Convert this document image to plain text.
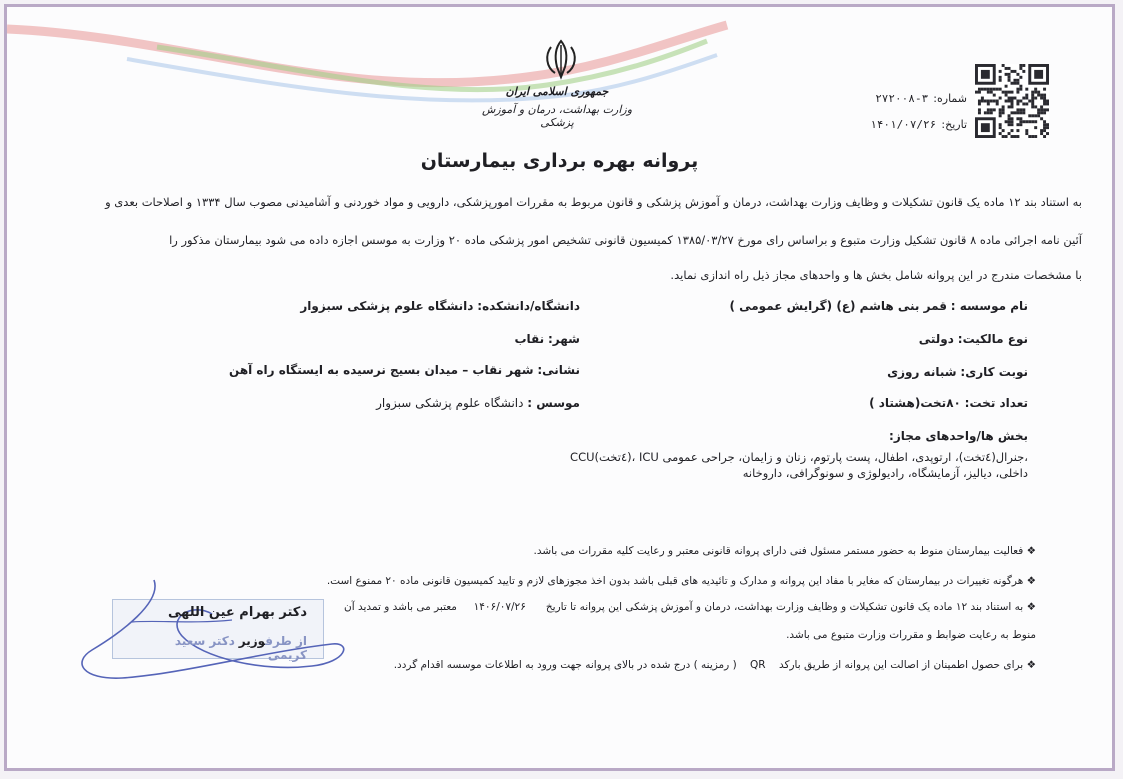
جمهوری اسلامی ایران
وزارت بهداشت، درمان و آموزش پزشکی
شماره: ۳-۲۷۲۰۰۸
تاریخ: ۱۴۰۱/۰۷/۲۶
پروانه بهره برداری بیمارستان
به استناد بند ۱۲ ماده یک قانون تشکیلات و وظایف وزارت بهداشت، درمان و آموزش پزشکی و قانون مربوط به مقررات امورپزشکی، دارویی و مواد خوردنی و آشامیدنی مصوب سال ۱۳۳۴ و اصلاحات بعدی و
آئین نامه اجرائی ماده ۸ قانون تشکیل وزارت متبوع و براساس رای مورخ ۱۳۸۵/۰۳/۲۷ کمیسیون قانونی تشخیص امور پزشکی ماده ۲۰ وزارت به موسس اجازه داده می شود بیمارستان مذکور را
با مشخصات مندرج در این پروانه شامل بخش ها و واحدهای مجاز ذیل راه اندازی نماید.
نام موسسه : قمر بنی هاشم (ع) (گرایش عمومی )
نوع مالکیت: دولتی
نوبت کاری: شبانه روزی
تعداد تخت: ۸۰تخت(هشتاد )
دانشگاه/دانشکده: دانشگاه علوم پزشکی سبزوار
شهر: نقاب
نشانی: شهر نقاب – میدان بسیج نرسیده به ایستگاه راه آهن
موسس : دانشگاه علوم پزشکی سبزوار
بخش ها/واحدهای مجاز:
CCU(٤تخت)، ICU جنرال(٤تخت)، ارتوپدی، اطفال، پست پارتوم، زنان و زایمان، جراحی عمومی،
داخلی، دیالیز، آزمایشگاه، رادیولوژی و سونوگرافی، داروخانه
❖ فعالیت بیمارستان منوط به حضور مستمر مسئول فنی دارای پروانه قانونی معتبر و رعایت کلیه مقررات می باشد.
❖ هرگونه تغییرات در بیمارستان که مغایر با مفاد این پروانه و مدارک و تائیدیه های قبلی باشد بدون اخذ مجوزهای لازم و تایید کمیسیون قانونی ماده ۲۰ ممنوع است.
❖ به استناد بند ۱۲ ماده یک قانون تشکیلات و وظایف وزارت بهداشت، درمان و آموزش پزشکی این پروانه تا تاریخ      ۱۴۰۶/۰۷/۲۶     معتبر می باشد و تمدید آن
منوط به رعایت ضوابط و مقررات وزارت متبوع می باشد.
❖ برای حصول اطمینان از اصالت این پروانه از طریق بارکد    QR    ( رمزینه ) درج شده در بالای پروانه جهت ورود به اطلاعات موسسه اقدام گردد.
دکتر بهرام عین اللهی
از طرفوزیر دکتر سعید کریمی
